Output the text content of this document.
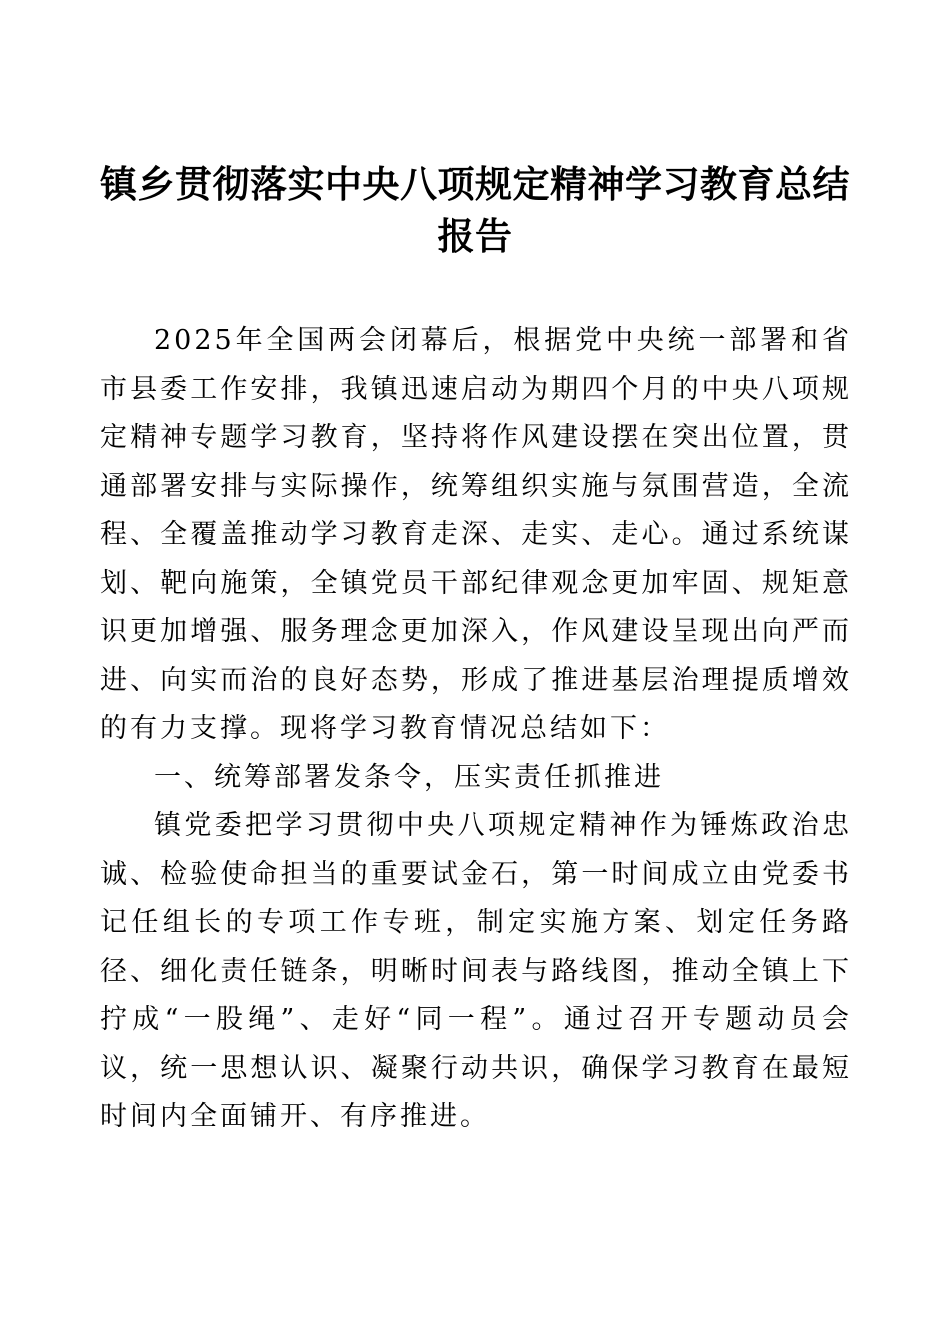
镇乡贯彻落实中央八项规定精神学习教育总结报告

2025年全国两会闭幕后，根据党中央统一部署和省市县委工作安排，我镇迅速启动为期四个月的中央八项规定精神专题学习教育，坚持将作风建设摆在突出位置，贯通部署安排与实际操作，统筹组织实施与氛围营造，全流程、全覆盖推动学习教育走深、走实、走心。通过系统谋划、靶向施策，全镇党员干部纪律观念更加牢固、规矩意识更加增强、服务理念更加深入，作风建设呈现出向严而进、向实而治的良好态势，形成了推进基层治理提质增效的有力支撑。现将学习教育情况总结如下：

一、统筹部署发条令，压实责任抓推进

镇党委把学习贯彻中央八项规定精神作为锤炼政治忠诚、检验使命担当的重要试金石，第一时间成立由党委书记任组长的专项工作专班，制定实施方案、划定任务路径、细化责任链条，明晰时间表与路线图，推动全镇上下拧成“一股绳”、走好“同一程”。通过召开专题动员会议，统一思想认识、凝聚行动共识，确保学习教育在最短时间内全面铺开、有序推进。
